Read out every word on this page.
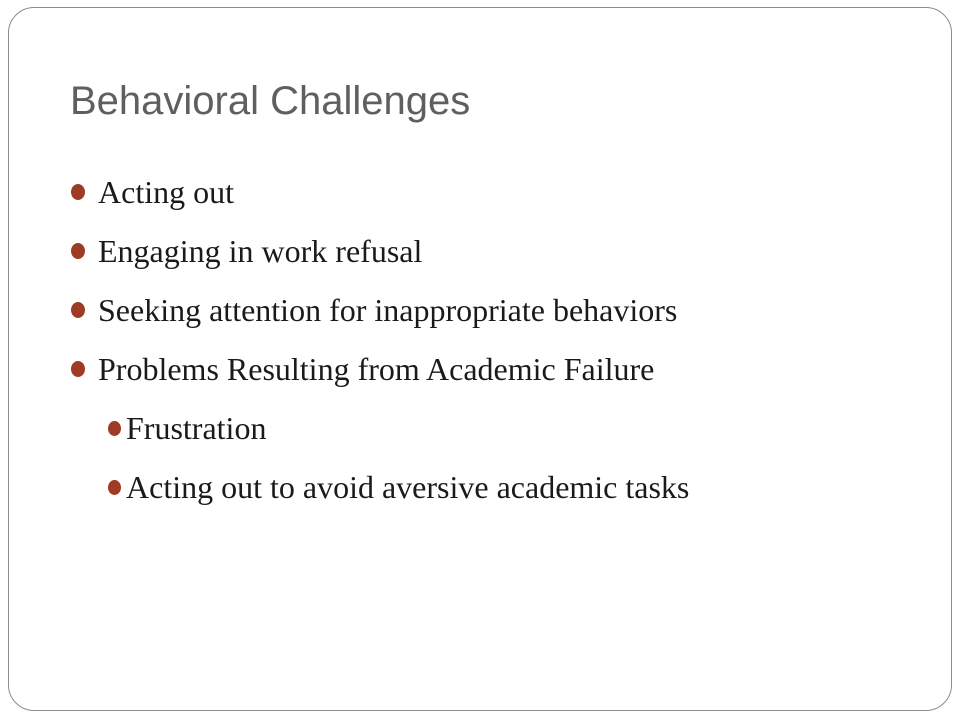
Behavioral Challenges
Acting out
Engaging in work refusal
Seeking attention for inappropriate behaviors
Problems Resulting from Academic Failure
Frustration
Acting out to avoid aversive academic tasks
